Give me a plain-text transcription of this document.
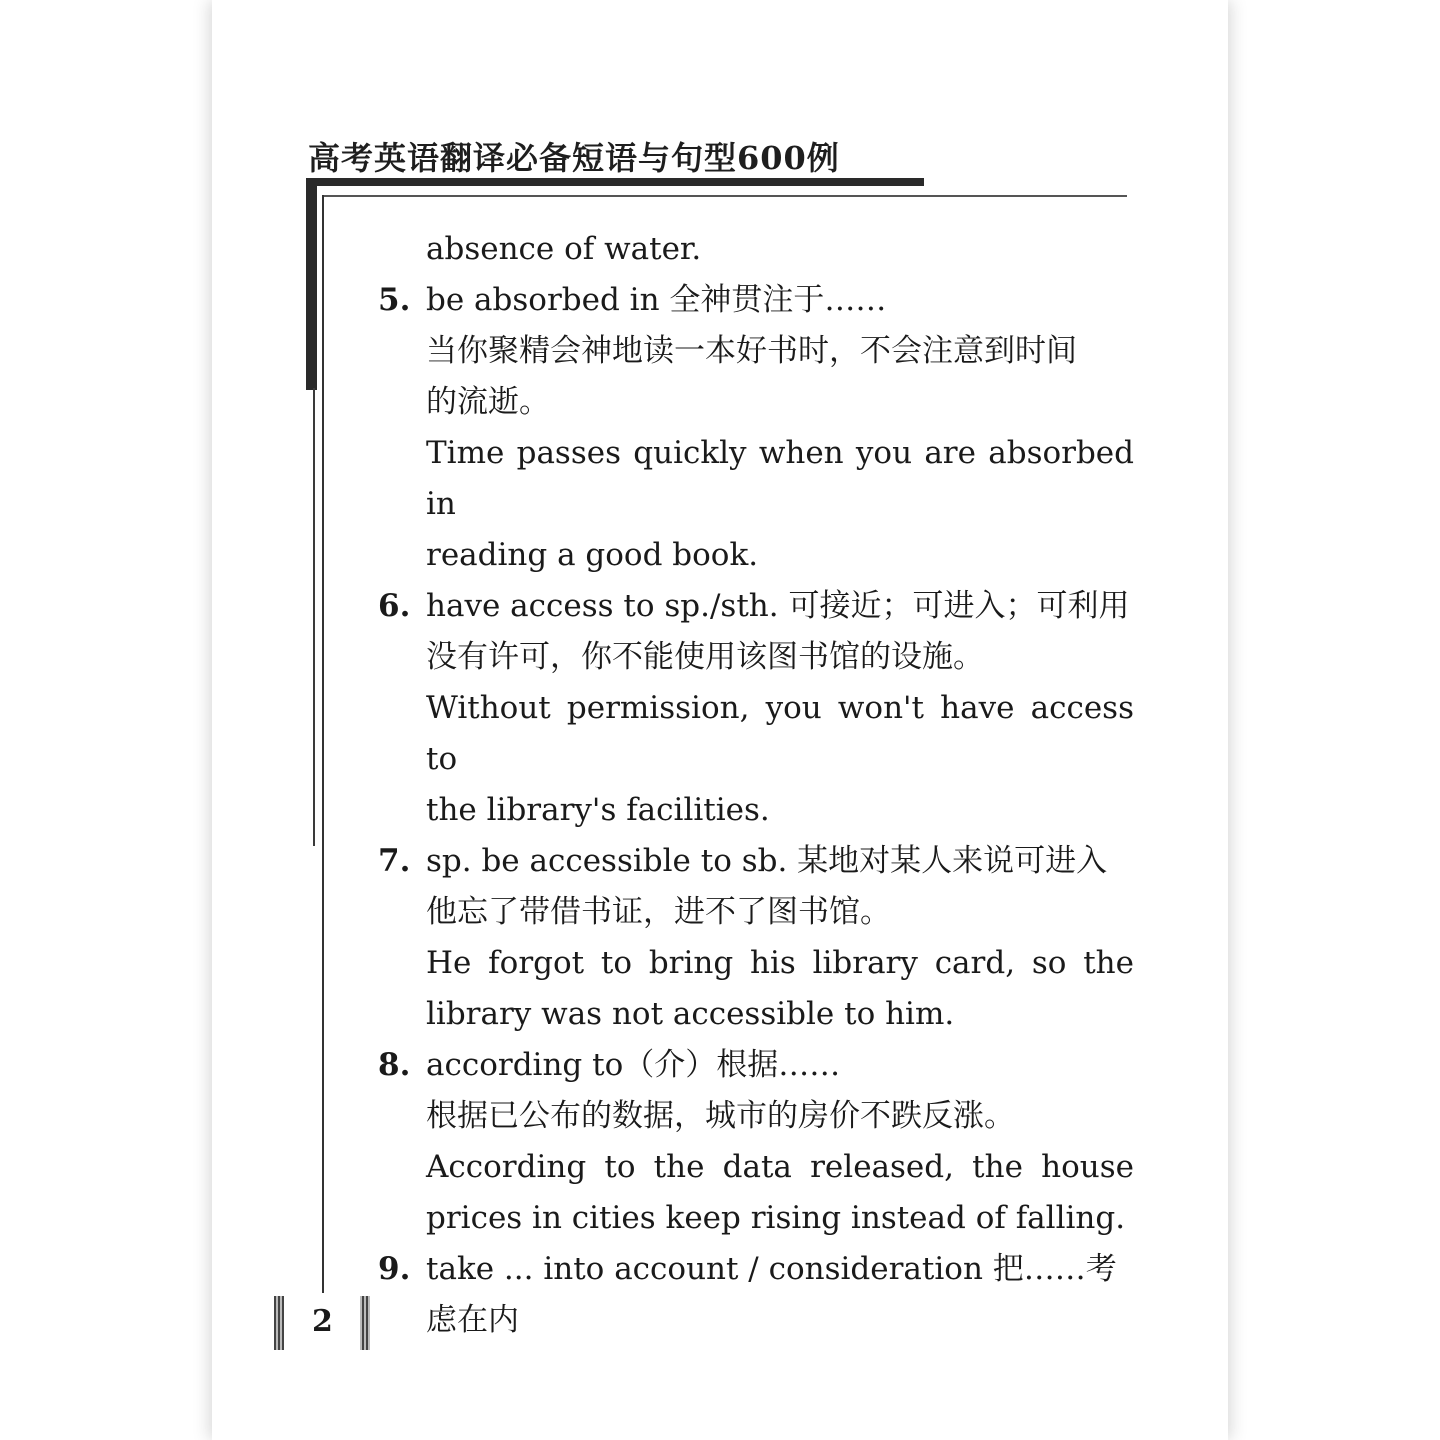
高考英语翻译必备短语与句型600例
absence of water.
5. be absorbed in 全神贯注于……
当你聚精会神地读一本好书时，不会注意到时间
的流逝。
Time passes quickly when you are absorbed in
reading a good book.
6. have access to sp./sth. 可接近；可进入；可利用
没有许可，你不能使用该图书馆的设施。
Without permission, you won't have access to
the library's facilities.
7. sp. be accessible to sb. 某地对某人来说可进入
他忘了带借书证，进不了图书馆。
He forgot to bring his library card, so the
library was not accessible to him.
8. according to（介）根据……
根据已公布的数据，城市的房价不跌反涨。
According to the data released, the house
prices in cities keep rising instead of falling.
9. take ... into account / consideration 把……考
虑在内
2
